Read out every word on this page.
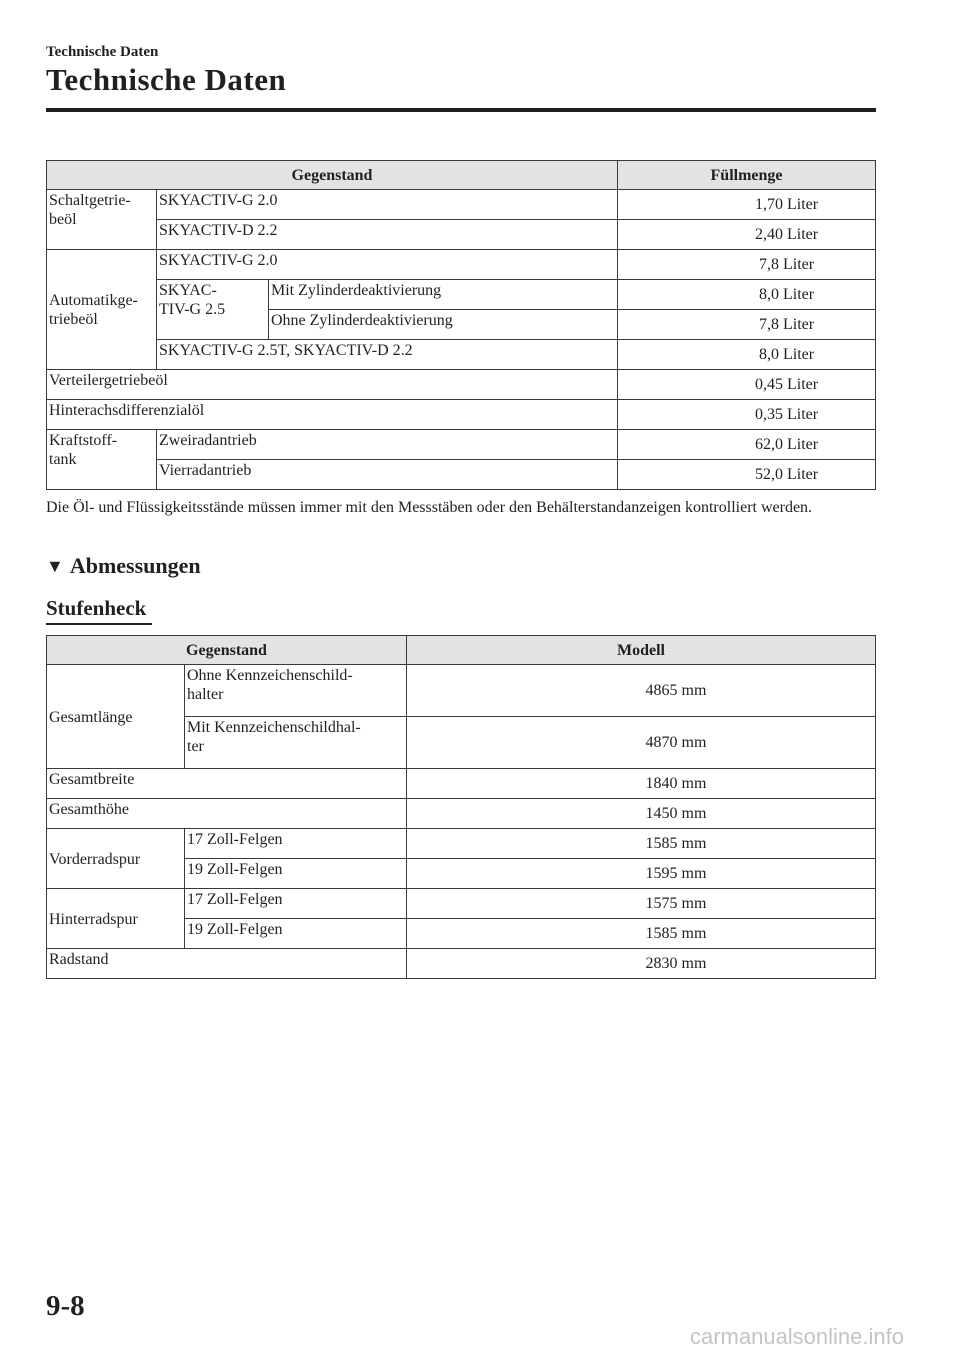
Technische Daten
Technische Daten
Gegenstand			Füllmenge
Schaltgetrie-
beöl	SKYACTIV-G 2.0		1,70 Liter
	SKYACTIV-D 2.2		2,40 Liter
Automatikge-
triebeöl	SKYACTIV-G 2.0		7,8 Liter
	SKYAC-
TIV-G 2.5	Mit Zylinderdeaktivierung	8,0 Liter
		Ohne Zylinderdeaktivierung	7,8 Liter
	SKYACTIV-G 2.5T, SKYACTIV-D 2.2		8,0 Liter
Verteilergetriebeöl			0,45 Liter
Hinterachsdifferenzialöl			0,35 Liter
Kraftstoff-
tank	Zweiradantrieb		62,0 Liter
	Vierradantrieb		52,0 Liter
Die Öl- und Flüssigkeitsstände müssen immer mit den Messstäben oder den Behälterstandanzeigen kontrolliert werden.
▼ Abmessungen
Stufenheck
Gegenstand		Modell
Gesamtlänge	Ohne Kennzeichenschild-
halter	4865 mm
	Mit Kennzeichenschildhal-
ter	4870 mm
Gesamtbreite		1840 mm
Gesamthöhe		1450 mm
Vorderradspur	17 Zoll-Felgen	1585 mm
	19 Zoll-Felgen	1595 mm
Hinterradspur	17 Zoll-Felgen	1575 mm
	19 Zoll-Felgen	1585 mm
Radstand		2830 mm
9-8
carmanualsonline.info
